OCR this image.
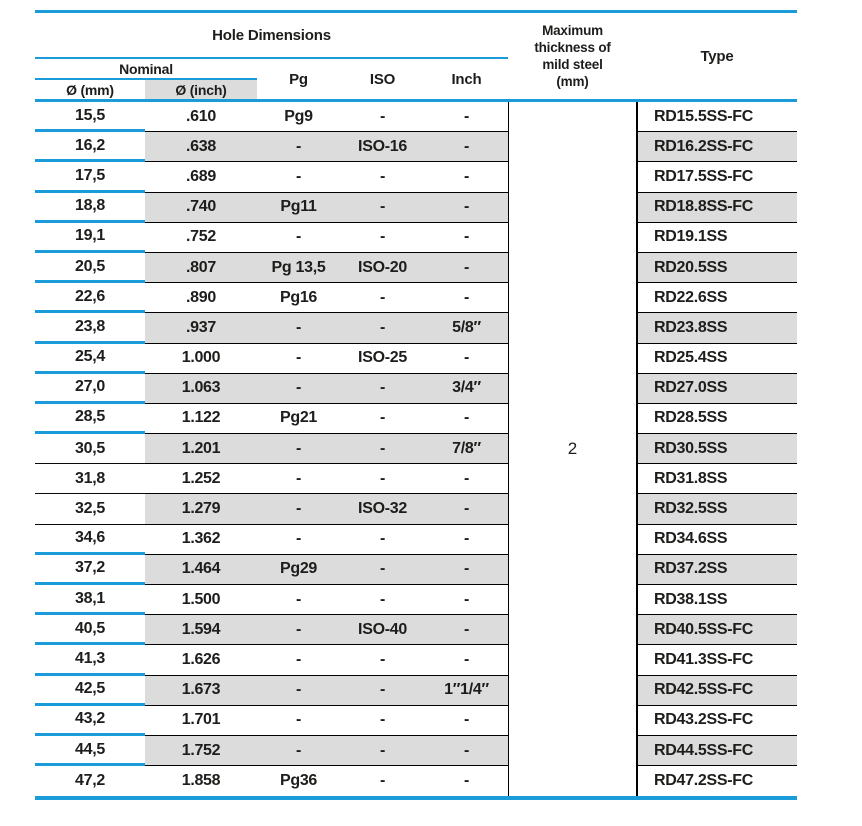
Hole Dimensions
Nominal
Ø (mm)	Ø (inch)
Pg	ISO	Inch
Maximum
thickness of
mild steel
(mm)
Type
2
15,5	.610	Pg9	-	-	RD15.5SS-FC
16,2	.638	-	ISO-16	-	RD16.2SS-FC
17,5	.689	-	-	-	RD17.5SS-FC
18,8	.740	Pg11	-	-	RD18.8SS-FC
19,1	.752	-	-	-	RD19.1SS
20,5	.807	Pg 13,5	ISO-20	-	RD20.5SS
22,6	.890	Pg16	-	-	RD22.6SS
23,8	.937	-	-	5/8″	RD23.8SS
25,4	1.000	-	ISO-25	-	RD25.4SS
27,0	1.063	-	-	3/4″	RD27.0SS
28,5	1.122	Pg21	-	-	RD28.5SS
30,5	1.201	-	-	7/8″	RD30.5SS
31,8	1.252	-	-	-	RD31.8SS
32,5	1.279	-	ISO-32	-	RD32.5SS
34,6	1.362	-	-	-	RD34.6SS
37,2	1.464	Pg29	-	-	RD37.2SS
38,1	1.500	-	-	-	RD38.1SS
40,5	1.594	-	ISO-40	-	RD40.5SS-FC
41,3	1.626	-	-	-	RD41.3SS-FC
42,5	1.673	-	-	1″1/4″	RD42.5SS-FC
43,2	1.701	-	-	-	RD43.2SS-FC
44,5	1.752	-	-	-	RD44.5SS-FC
47,2	1.858	Pg36	-	-	RD47.2SS-FC
